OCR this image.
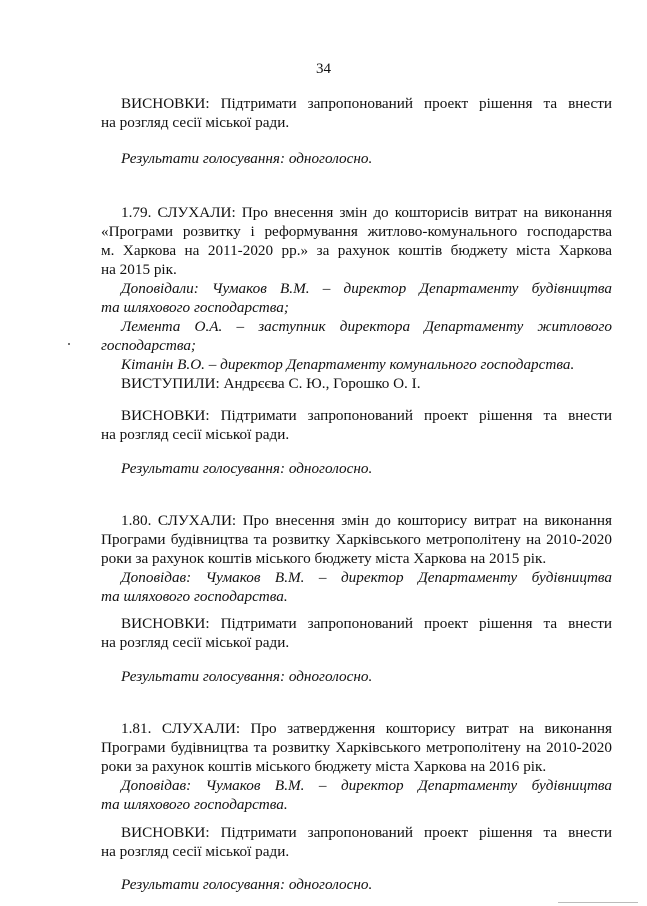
34
ВИСНОВКИ: Підтримати запропонований проект рішення та внести
на розгляд сесії міської ради.
Результати голосування: одноголосно.
1.79. СЛУХАЛИ: Про внесення змін до кошторисів витрат на виконання
«Програми розвитку і реформування житлово-комунального господарства
м. Харкова на 2011-2020 рр.» за рахунок коштів бюджету міста Харкова
на 2015 рік.
Доповідали: Чумаков В.М. – директор Департаменту будівництва
та шляхового господарства;
Лемента О.А. – заступник директора Департаменту житлового
господарства;
Кітанін В.О. – директор Департаменту комунального господарства.
ВИСТУПИЛИ: Андрєєва С. Ю., Горошко О. І.
ВИСНОВКИ: Підтримати запропонований проект рішення та внести
на розгляд сесії міської ради.
Результати голосування: одноголосно.
1.80. СЛУХАЛИ: Про внесення змін до кошторису витрат на виконання
Програми будівництва та розвитку Харківського метрополітену на 2010-2020
роки за рахунок коштів міського бюджету міста Харкова на 2015 рік.
Доповідав: Чумаков В.М. – директор Департаменту будівництва
та шляхового господарства.
ВИСНОВКИ: Підтримати запропонований проект рішення та внести
на розгляд сесії міської ради.
Результати голосування: одноголосно.
1.81. СЛУХАЛИ: Про затвердження кошторису витрат на виконання
Програми будівництва та розвитку Харківського метрополітену на 2010-2020
роки за рахунок коштів міського бюджету міста Харкова на 2016 рік.
Доповідав: Чумаков В.М. – директор Департаменту будівництва
та шляхового господарства.
ВИСНОВКИ: Підтримати запропонований проект рішення та внести
на розгляд сесії міської ради.
Результати голосування: одноголосно.
